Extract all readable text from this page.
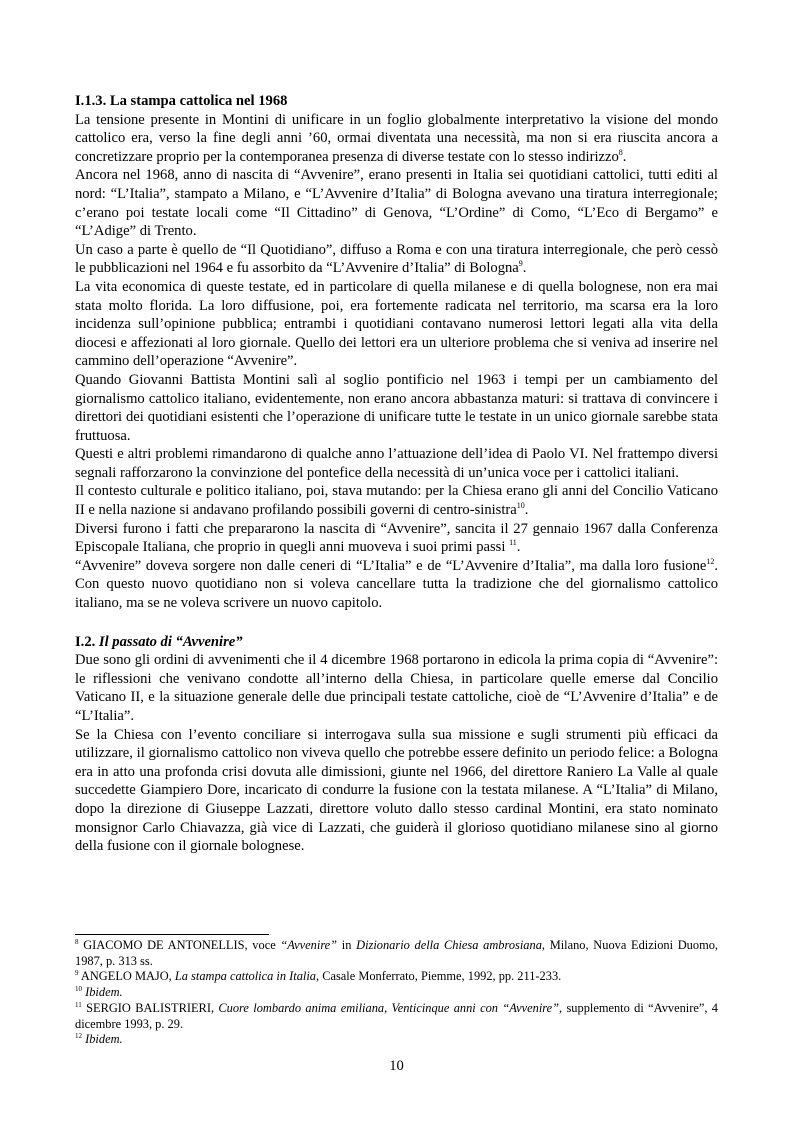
I.1.3. La stampa cattolica nel 1968

La tensione presente in Montini di unificare in un foglio globalmente interpretativo la visione del mondo cattolico era, verso la fine degli anni ’60, ormai diventata una necessità, ma non si era riuscita ancora a concretizzare proprio per la contemporanea presenza di diverse testate con lo stesso indirizzo$^8$.

Ancora nel 1968, anno di nascita di “Avvenire”, erano presenti in Italia sei quotidiani cattolici, tutti editi al nord: “L’Italia”, stampato a Milano, e “L’Avvenire d’Italia” di Bologna avevano una tiratura interregionale; c’erano poi testate locali come “Il Cittadino” di Genova, “L’Ordine” di Como, “L’Eco di Bergamo” e “L’Adige” di Trento.

Un caso a parte è quello de “Il Quotidiano”, diffuso a Roma e con una tiratura interregionale, che però cessò le pubblicazioni nel 1964 e fu assorbito da “L’Avvenire d’Italia” di Bologna$^9$.

La vita economica di queste testate, ed in particolare di quella milanese e di quella bolognese, non era mai stata molto florida. La loro diffusione, poi, era fortemente radicata nel territorio, ma scarsa era la loro incidenza sull’opinione pubblica; entrambi i quotidiani contavano numerosi lettori legati alla vita della diocesi e affezionati al loro giornale. Quello dei lettori era un ulteriore problema che si veniva ad inserire nel cammino dell’operazione “Avvenire”.

Quando Giovanni Battista Montini salì al soglio pontificio nel 1963 i tempi per un cambiamento del giornalismo cattolico italiano, evidentemente, non erano ancora abbastanza maturi: si trattava di convincere i direttori dei quotidiani esistenti che l’operazione di unificare tutte le testate in un unico giornale sarebbe stata fruttuosa.

Questi e altri problemi rimandarono di qualche anno l’attuazione dell’idea di Paolo VI. Nel frattempo diversi segnali rafforzarono la convinzione del pontefice della necessità di un’unica voce per i cattolici italiani.

Il contesto culturale e politico italiano, poi, stava mutando: per la Chiesa erano gli anni del Concilio Vaticano II e nella nazione si andavano profilando possibili governi di centro-sinistra$^{10}$.

Diversi furono i fatti che prepararono la nascita di “Avvenire”, sancita il 27 gennaio 1967 dalla Conferenza Episcopale Italiana, che proprio in quegli anni muoveva i suoi primi passi $^{11}$.

“Avvenire” doveva sorgere non dalle ceneri di “L’Italia” e de “L’Avvenire d’Italia”, ma dalla loro fusione$^{12}$. Con questo nuovo quotidiano non si voleva cancellare tutta la tradizione che del giornalismo cattolico italiano, ma se ne voleva scrivere un nuovo capitolo.

I.2. Il passato di “Avvenire”

Due sono gli ordini di avvenimenti che il 4 dicembre 1968 portarono in edicola la prima copia di “Avvenire”: le riflessioni che venivano condotte all’interno della Chiesa, in particolare quelle emerse dal Concilio Vaticano II, e la situazione generale delle due principali testate cattoliche, cioè de “L’Avvenire d’Italia” e de “L’Italia”.

Se la Chiesa con l’evento conciliare si interrogava sulla sua missione e sugli strumenti più efficaci da utilizzare, il giornalismo cattolico non viveva quello che potrebbe essere definito un periodo felice: a Bologna era in atto una profonda crisi dovuta alle dimissioni, giunte nel 1966, del direttore Raniero La Valle al quale succedette Giampiero Dore, incaricato di condurre la fusione con la testata milanese. A “L’Italia” di Milano, dopo la direzione di Giuseppe Lazzati, direttore voluto dallo stesso cardinal Montini, era stato nominato monsignor Carlo Chiavazza, già vice di Lazzati, che guiderà il glorioso quotidiano milanese sino al giorno della fusione con il giornale bolognese.

$^8$ GIACOMO DE ANTONELLIS, voce “Avvenire” in Dizionario della Chiesa ambrosiana, Milano, Nuova Edizioni Duomo, 1987, p. 313 ss.

$^9$ ANGELO MAJO, La stampa cattolica in Italia, Casale Monferrato, Piemme, 1992, pp. 211-233.

$^{10}$ Ibidem.

$^{11}$ SERGIO BALISTRIERI, Cuore lombardo anima emiliana, Venticinque anni con “Avvenire”, supplemento di “Avvenire”, 4 dicembre 1993, p. 29.

$^{12}$ Ibidem.

10
